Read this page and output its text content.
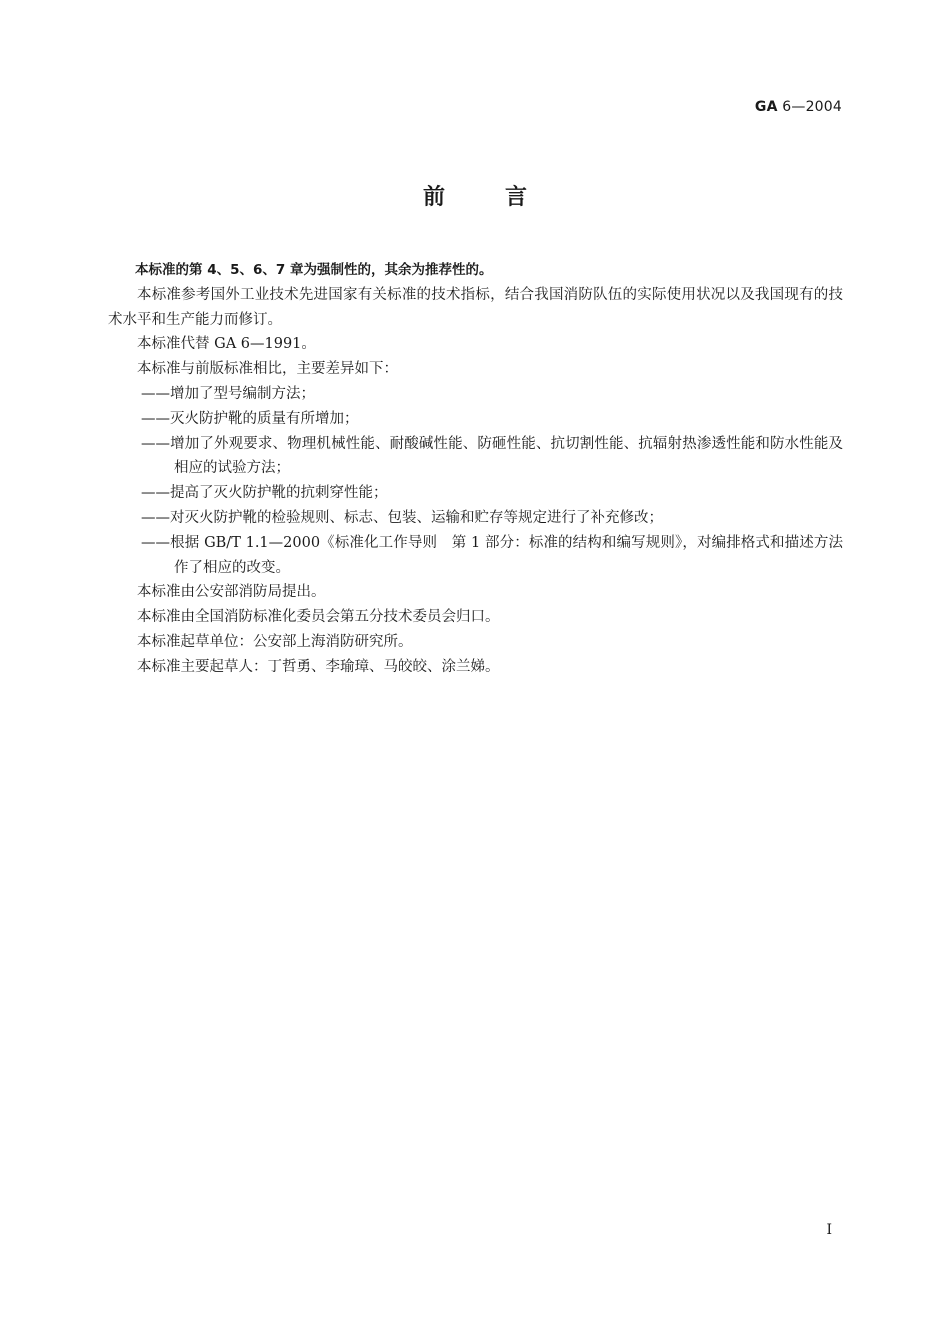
GA 6—2004
前言

本标准的第 4、5、6、7 章为强制性的，其余为推荐性的。

本标准参考国外工业技术先进国家有关标准的技术指标，结合我国消防队伍的实际使用状况以及我国现有的技术水平和生产能力而修订。

本标准代替 GA 6—1991。

本标准与前版标准相比，主要差异如下：

——增加了型号编制方法；

——灭火防护靴的质量有所增加；

——增加了外观要求、物理机械性能、耐酸碱性能、防砸性能、抗切割性能、抗辐射热渗透性能和防水性能及相应的试验方法；

——提高了灭火防护靴的抗刺穿性能；

——对灭火防护靴的检验规则、标志、包装、运输和贮存等规定进行了补充修改；

——根据 GB/T 1.1—2000《标准化工作导则　第 1 部分：标准的结构和编写规则》，对编排格式和描述方法作了相应的改变。

本标准由公安部消防局提出。

本标准由全国消防标准化委员会第五分技术委员会归口。

本标准起草单位：公安部上海消防研究所。

本标准主要起草人：丁哲勇、李瑜璋、马皎皎、涂兰娣。

I
